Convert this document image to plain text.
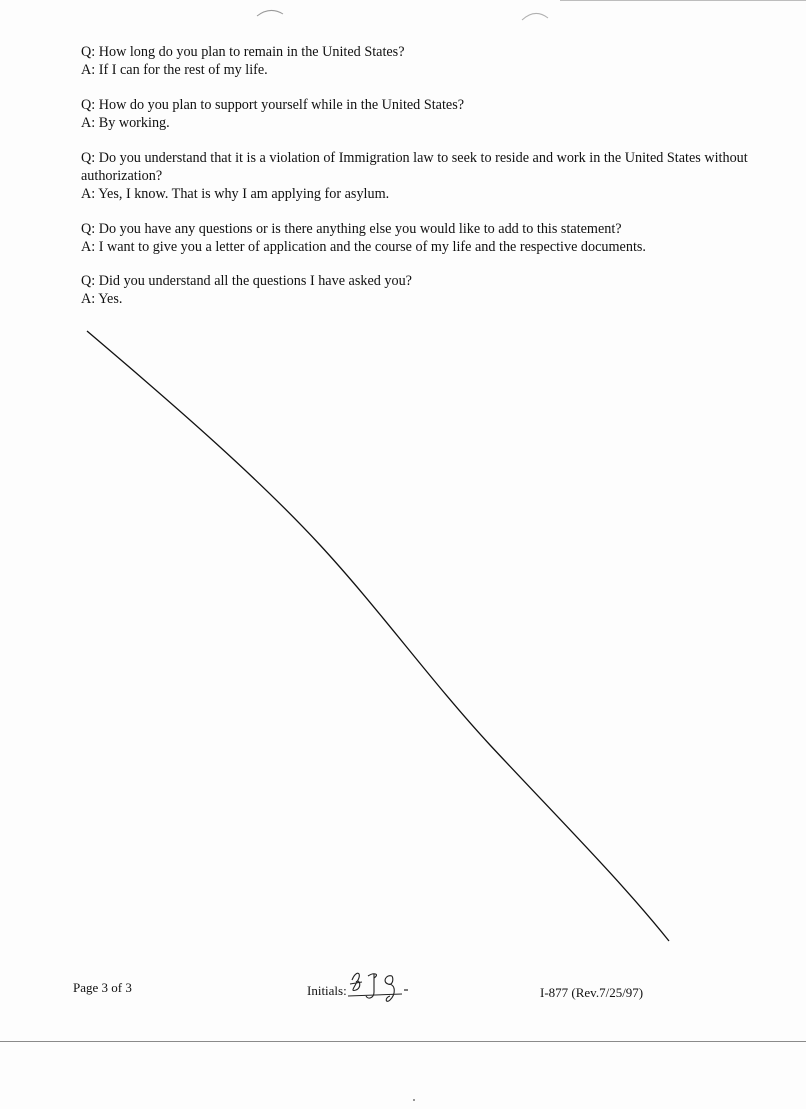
Q: How long do you plan to remain in the United States?
A: If I can for the rest of my life.
Q: How do you plan to support yourself while in the United States?
A: By working.
Q: Do you understand that it is a violation of Immigration law to seek to reside and work in the United States without authorization?
A: Yes, I know. That is why I am applying for asylum.
Q: Do you have any questions or is there anything else you would like to add to this statement?
A: I want to give you a letter of application and the course of my life and the respective documents.
Q: Did you understand all the questions I have asked you?
A: Yes.
Page 3 of 3	Initials:	I-877 (Rev.7/25/97)
